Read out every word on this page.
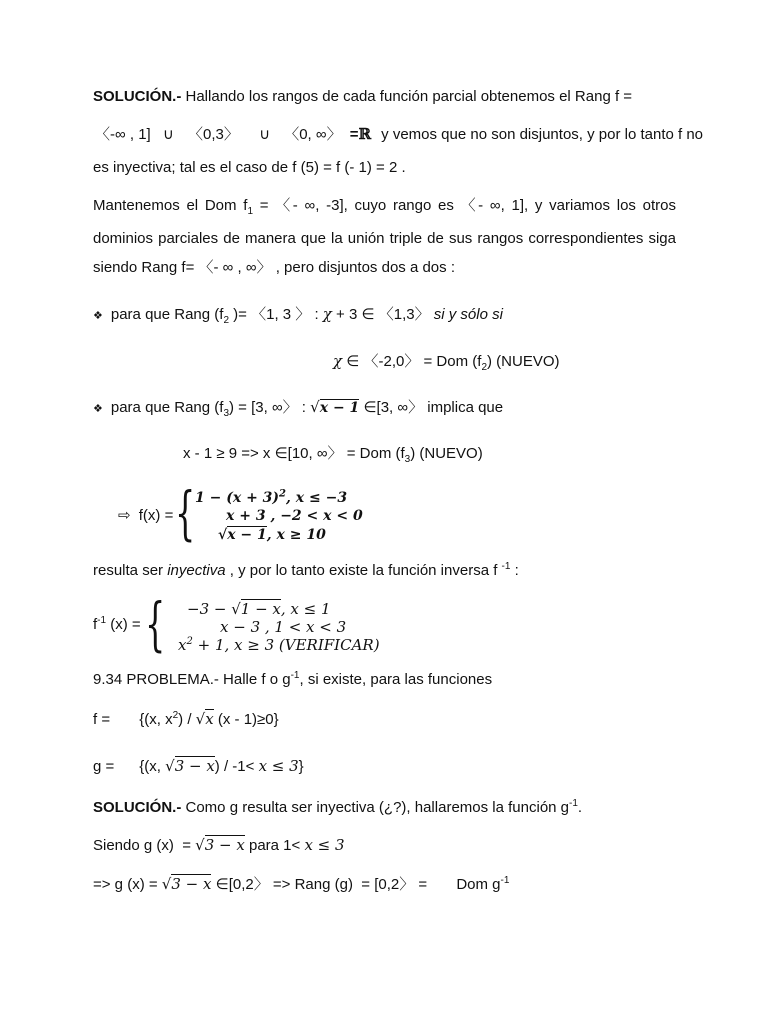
SOLUCIÓN.- Hallando los rangos de cada función parcial obtenemos el Rang f =
〈-∞ , 1] ∪ 〈0,3〉 ∪ 〈0, ∞〉 =ℝ y vemos que no son disjuntos, y por lo tanto f no
es inyectiva; tal es el caso de f (5) = f (- 1) = 2 .
Mantenemos el Dom $f_1$ = 〈- ∞, -3], cuyo rango es 〈- ∞, 1], y variamos los otros
dominios parciales de manera que la unión triple de sus rangos correspondientes siga
siendo Rang f= 〈- ∞ , ∞〉 , pero disjuntos dos a dos :
❖ para que Rang ($f_2$ )= 〈1, 3 〉 : χ + 3 ∈ 〈1,3〉 si y sólo si
χ ∈ 〈-2,0〉 = Dom $(f_2)$ (NUEVO)
❖ para que Rang $(f_3) = [3$, ∞〉 : √x − 1 ∈[3, ∞〉 implica que
x - 1 ≥ 9 => x ∈[10, ∞〉 = Dom $(f_3)$ (NUEVO)
⇨ f(x) = { $1 - (x + 3)^2$, x ≤ −3
x + 3 , −2 < x < 0
√x − 1, x ≥ 10
resulta ser inyectiva , y por lo tanto existe la función inversa f $^{-1}$ :
$f^{-1}$ (x) = { −3 − √1 − x, x ≤ 1
x − 3 , 1 < x < 3
$x^2 + 1$, x ≥ 3 (VERIFICAR)
9.34 PROBLEMA.- Halle f o $g^{-1}$, si existe, para las funciones
f =       {(x, $x^2) / √x$ (x - 1)≥0}
g =      {(x, √3 − x) / -1< x ≤ 3}
SOLUCIÓN.- Como g resulta ser inyectiva (¿?), hallaremos la función $g^{-1}$.
Siendo g (x)  = √3 − x para 1< x ≤ 3
=> g (x) = √3 − x ∈[0,2〉 => Rang (g)  = [0,2〉 =       Dom $g^{-1}$
